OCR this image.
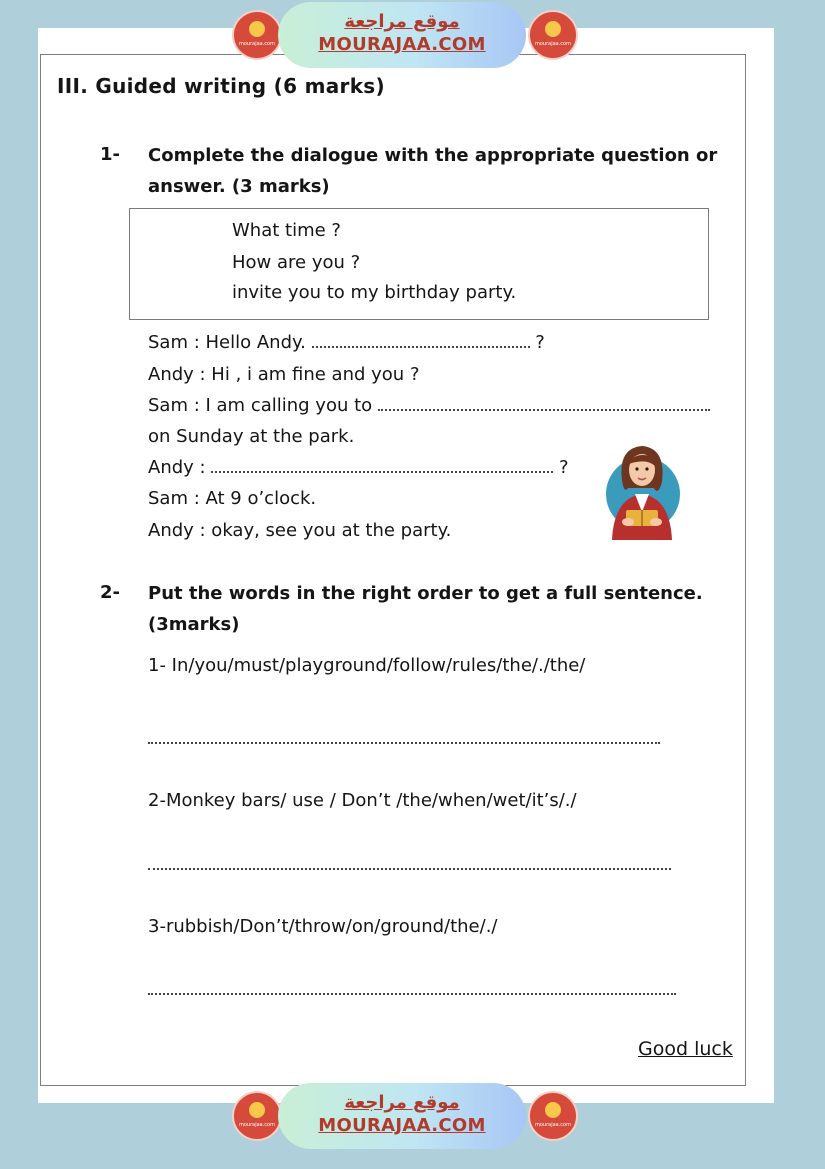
mourajaa.com
موقع مراجعة
MOURAJAA.COM	mourajaa.com
III. Guided writing (6 marks)
1- Complete the dialogue with the appropriate question or
answer. (3 marks)
What time ?
How are you ?
invite you to my birthday party.
Sam : Hello Andy.	?
Andy : Hi , i am fine and you ?
Sam : I am calling you to
on Sunday at the park.
Andy :	?
Sam : At 9 o’clock.
Andy : okay, see you at the party.
2- Put the words in the right order to get a full sentence.
(3marks)
1- In/you/must/playground/follow/rules/the/./the/
2-Monkey bars/ use / Don’t /the/when/wet/it’s/./
3-rubbish/Don’t/throw/on/ground/the/./
Good luck
mourajaa.com
موقع مراجعة
MOURAJAA.COM	mourajaa.com
